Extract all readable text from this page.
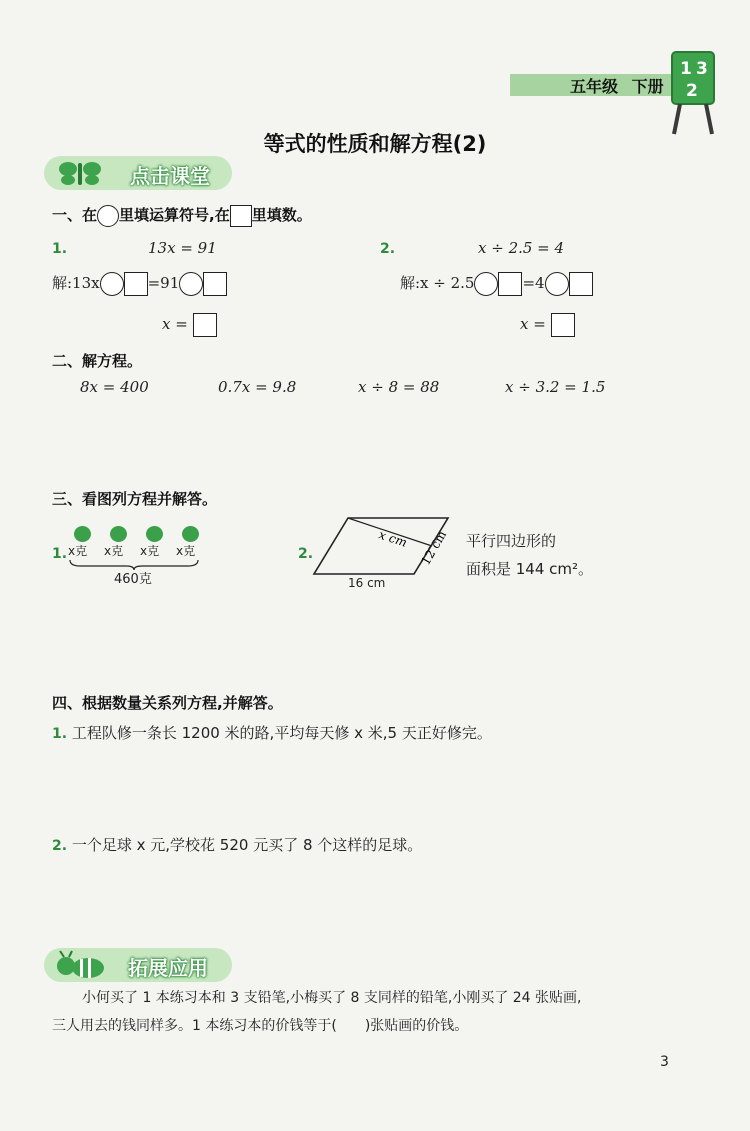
五年级 下册
1 3
2
等式的性质和解方程(2)
点击课堂
一、在 里填运算符号,在 里填数。
1.	13x = 91
解:13x	=91
x =
2.	x ÷ 2.5 = 4
解:x ÷ 2.5	=4
x =
二、解方程。
8x = 400	0.7x = 9.8	x ÷ 8 = 88	x ÷ 3.2 = 1.5
三、看图列方程并解答。
1. x克 x克 x克 x克
460克
2.
x cm 12 cm
16 cm
平行四边形的
面积是 144 cm²。
四、根据数量关系列方程,并解答。
1. 工程队修一条长 1200 米的路,平均每天修 x 米,5 天正好修完。
2. 一个足球 x 元,学校花 520 元买了 8 个这样的足球。
拓展应用
小何买了 1 本练习本和 3 支铅笔,小梅买了 8 支同样的铅笔,小刚买了 24 张贴画,
三人用去的钱同样多。1 本练习本的价钱等于(　　)张贴画的价钱。
3
